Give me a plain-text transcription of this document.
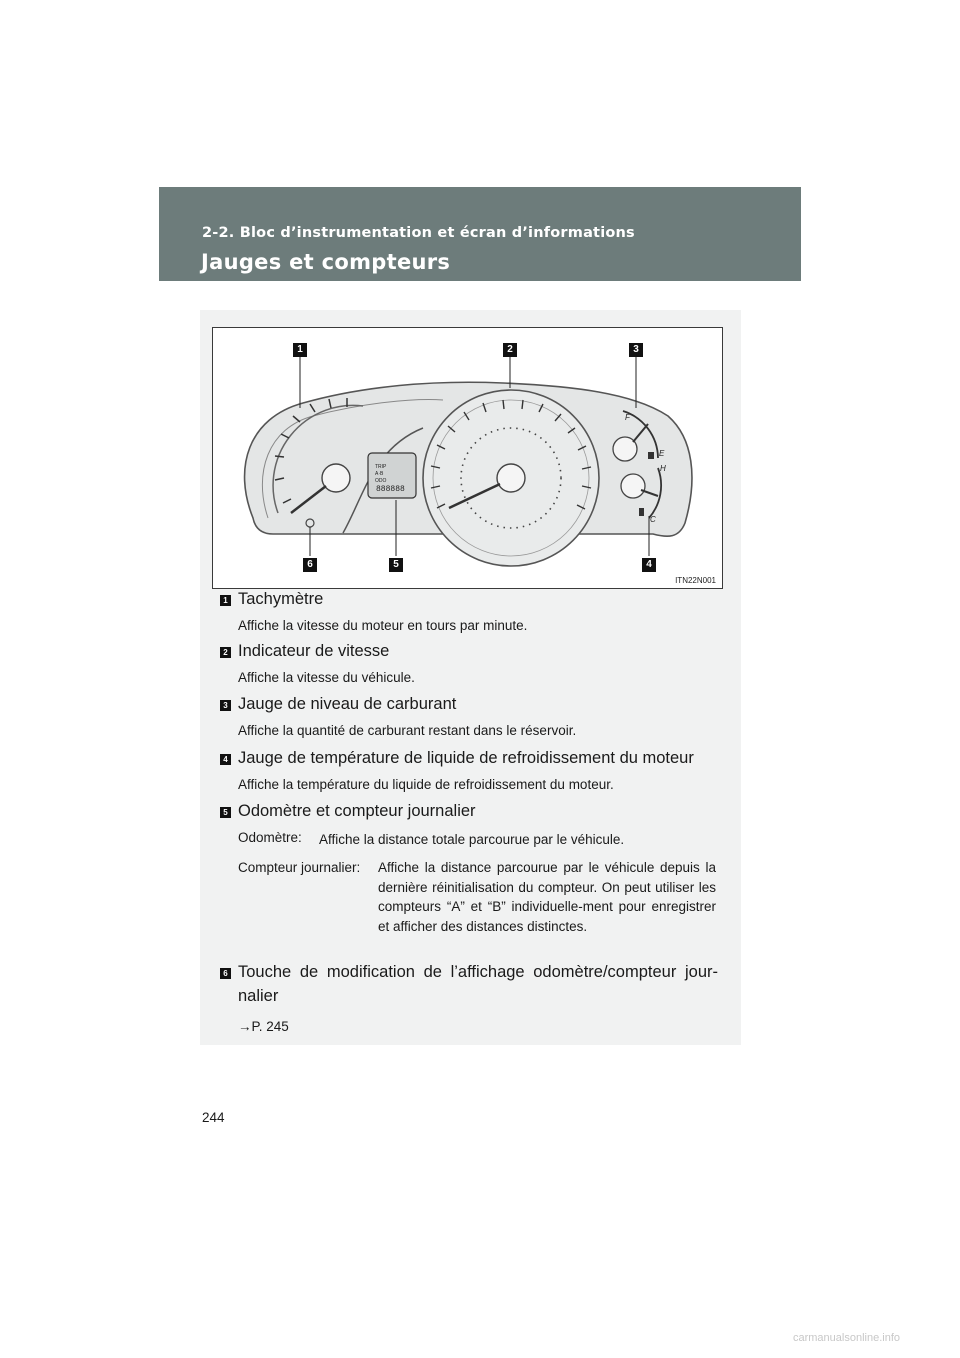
2-2. Bloc d’instrumentation et écran d’informations
Jauges et compteurs
F
E
H
C
TRIP
A·B
ODO
888888
1	2	3
4
5
6
ITN22N001
1 Tachymètre
Affiche la vitesse du moteur en tours par minute.
2 Indicateur de vitesse
Affiche la vitesse du véhicule.
3 Jauge de niveau de carburant
Affiche la quantité de carburant restant dans le réservoir.
4 Jauge de température de liquide de refroidissement du moteur
Affiche la température du liquide de refroidissement du moteur.
5 Odomètre et compteur journalier
Odomètre: Affiche la distance totale parcourue par le véhicule.
Compteur journalier: Affiche la distance parcourue par le véhicule depuis la dernière réinitialisation du compteur. On peut utiliser les compteurs “A” et “B” individuelle-ment pour enregistrer et afficher des distances distinctes.
6 Touche de modification de l’affichage odomètre/compteur jour-nalier
→P. 245
244
carmanualsonline.info
